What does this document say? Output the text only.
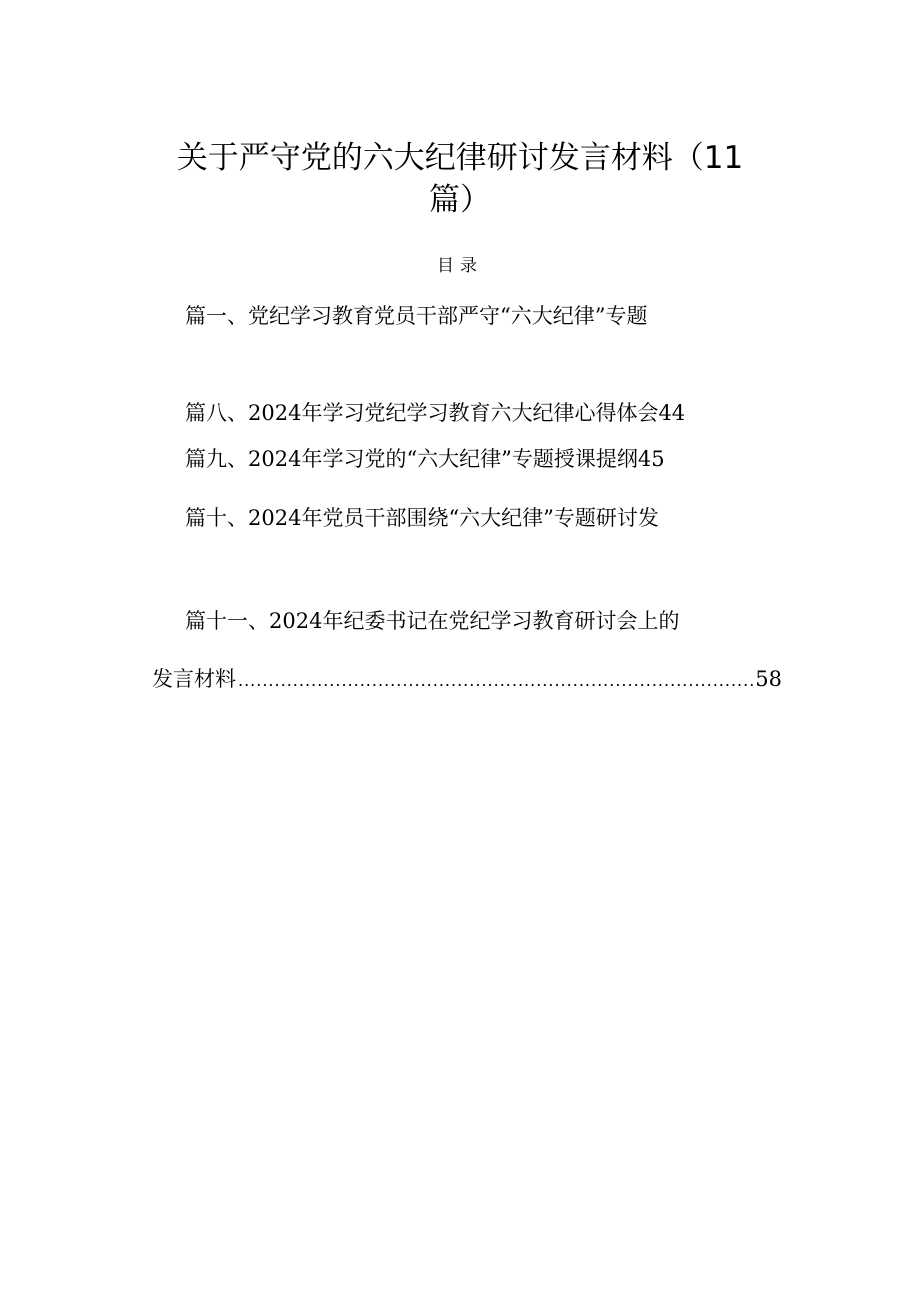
关于严守党的六大纪律研讨发言材料（11
篇）
目录
篇一、党纪学习教育党员干部严守“六大纪律”专题
篇八、2024年学习党纪学习教育六大纪律心得体会44
篇九、2024年学习党的“六大纪律”专题授课提纲45
篇十、2024年党员干部围绕“六大纪律”专题研讨发
篇十一、2024年纪委书记在党纪学习教育研讨会上的
发言材料
.....	58
